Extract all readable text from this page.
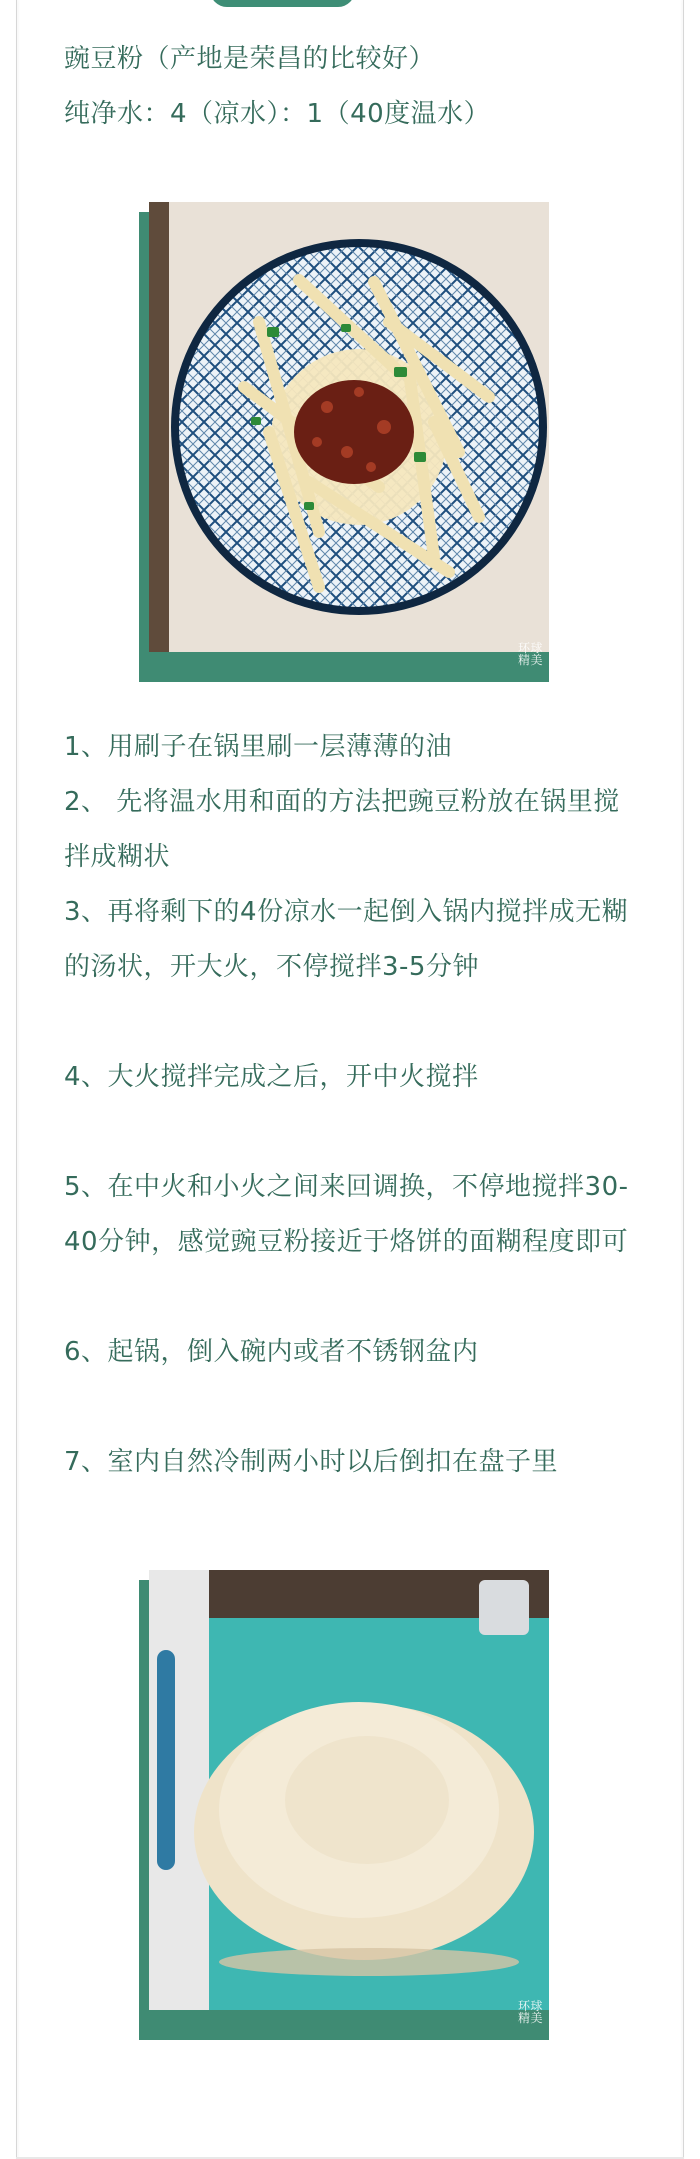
豌豆粉（产地是荣昌的比较好）

纯净水：4（凉水）：1（40度温水）

环球
精美

1、用刷子在锅里刷一层薄薄的油

2、 先将温水用和面的方法把豌豆粉放在锅里搅拌成糊状

3、再将剩下的4份凉水一起倒入锅内搅拌成无糊的汤状，开大火，不停搅拌3-5分钟

4、大火搅拌完成之后，开中火搅拌

5、在中火和小火之间来回调换，不停地搅拌30-40分钟，感觉豌豆粉接近于烙饼的面糊程度即可

6、起锅，倒入碗内或者不锈钢盆内

7、室内自然冷制两小时以后倒扣在盘子里

环球
精美
